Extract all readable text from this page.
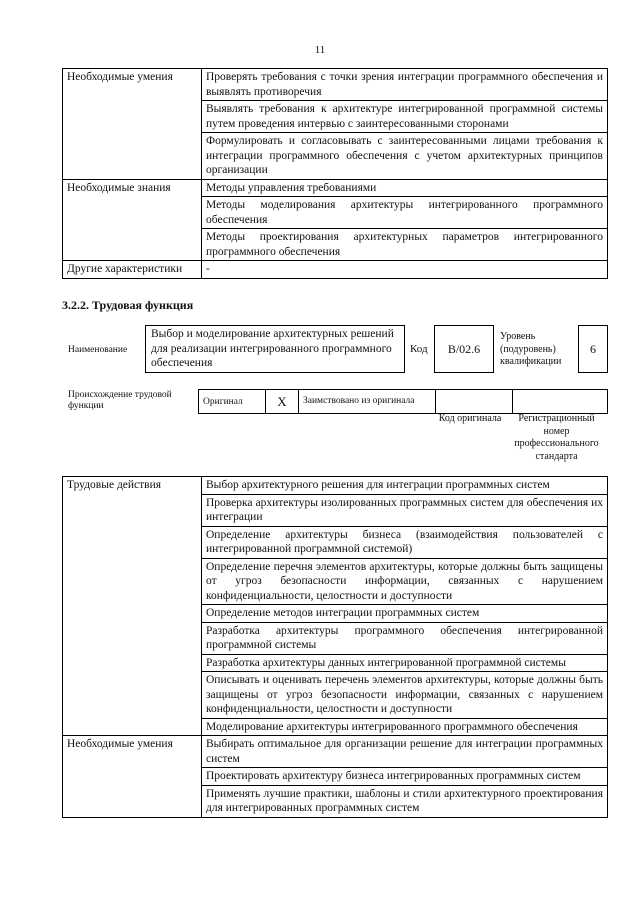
11
Необходимые умения	Проверять требования с точки зрения интеграции программного обеспечения и выявлять противоречия
	Выявлять требования к архитектуре интегрированной программной системы путем проведения интервью с заинтересованными сторонами
	Формулировать и согласовывать с заинтересованными лицами требования к интеграции программного обеспечения с учетом архитектурных принципов организации
Необходимые знания	Методы управления требованиями
	Методы моделирования архитектуры интегрированного программного обеспечения
	Методы проектирования архитектурных параметров интегрированного программного обеспечения
Другие характеристики	-
3.2.2. Трудовая функция
Наименование
Выбор и моделирование архитектурных решений для реализации интегрированного программного обеспечения
Код B/02.6
Уровень (подуровень) квалификации
6
Происхождение трудовой функции	Оригинал	X	Заимствовано из оригинала		
Код оригинала	Регистрационный номер профессионального стандарта
Трудовые действия	Выбор архитектурного решения для интеграции программных систем
	Проверка архитектуры изолированных программных систем для обеспечения их интеграции
	Определение архитектуры бизнеса (взаимодействия пользователей с интегрированной программной системой)
	Определение перечня элементов архитектуры, которые должны быть защищены от угроз безопасности информации, связанных с нарушением конфиденциальности, целостности и доступности
	Определение методов интеграции программных систем
	Разработка архитектуры программного обеспечения интегрированной программной системы
	Разработка архитектуры данных интегрированной программной системы
	Описывать и оценивать перечень элементов архитектуры, которые должны быть защищены от угроз безопасности информации, связанных с нарушением конфиденциальности, целостности и доступности
	Моделирование архитектуры интегрированного программного обеспечения
Необходимые умения	Выбирать оптимальное для организации решение для интеграции программных систем
	Проектировать архитектуру бизнеса интегрированных программных систем
	Применять лучшие практики, шаблоны и стили архитектурного проектирования для интегрированных программных систем
